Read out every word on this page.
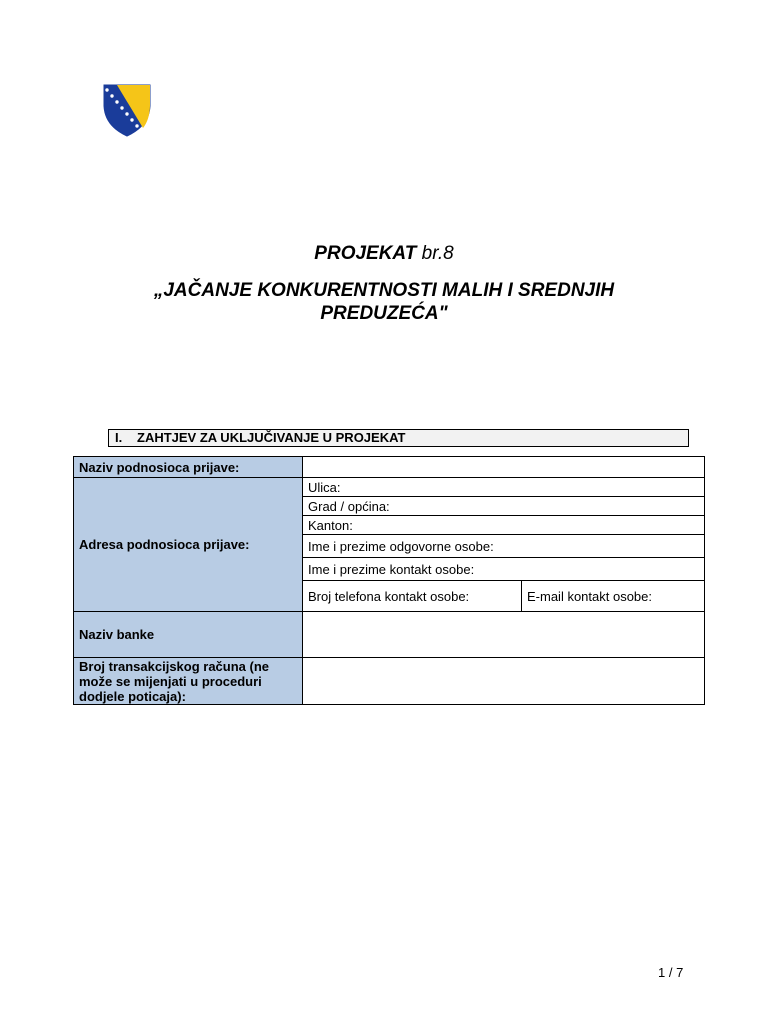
PROJEKAT br.8
„JAČANJE KONKURENTNOSTI MALIH I SREDNJIH
PREDUZEĆA"
I. ZAHTJEV ZA UKLJUČIVANJE U PROJEKAT
Naziv podnosioca prijave:		
Adresa podnosioca prijave:	Ulica:	
	Grad / općina:	
	Kanton:	
	Ime i prezime odgovorne osobe:	
	Ime i prezime kontakt osobe:	
	Broj telefona kontakt osobe:	E-mail kontakt osobe:
Naziv banke		
Broj transakcijskog računa (ne može se mijenjati u proceduri dodjele poticaja):		
1 / 7
